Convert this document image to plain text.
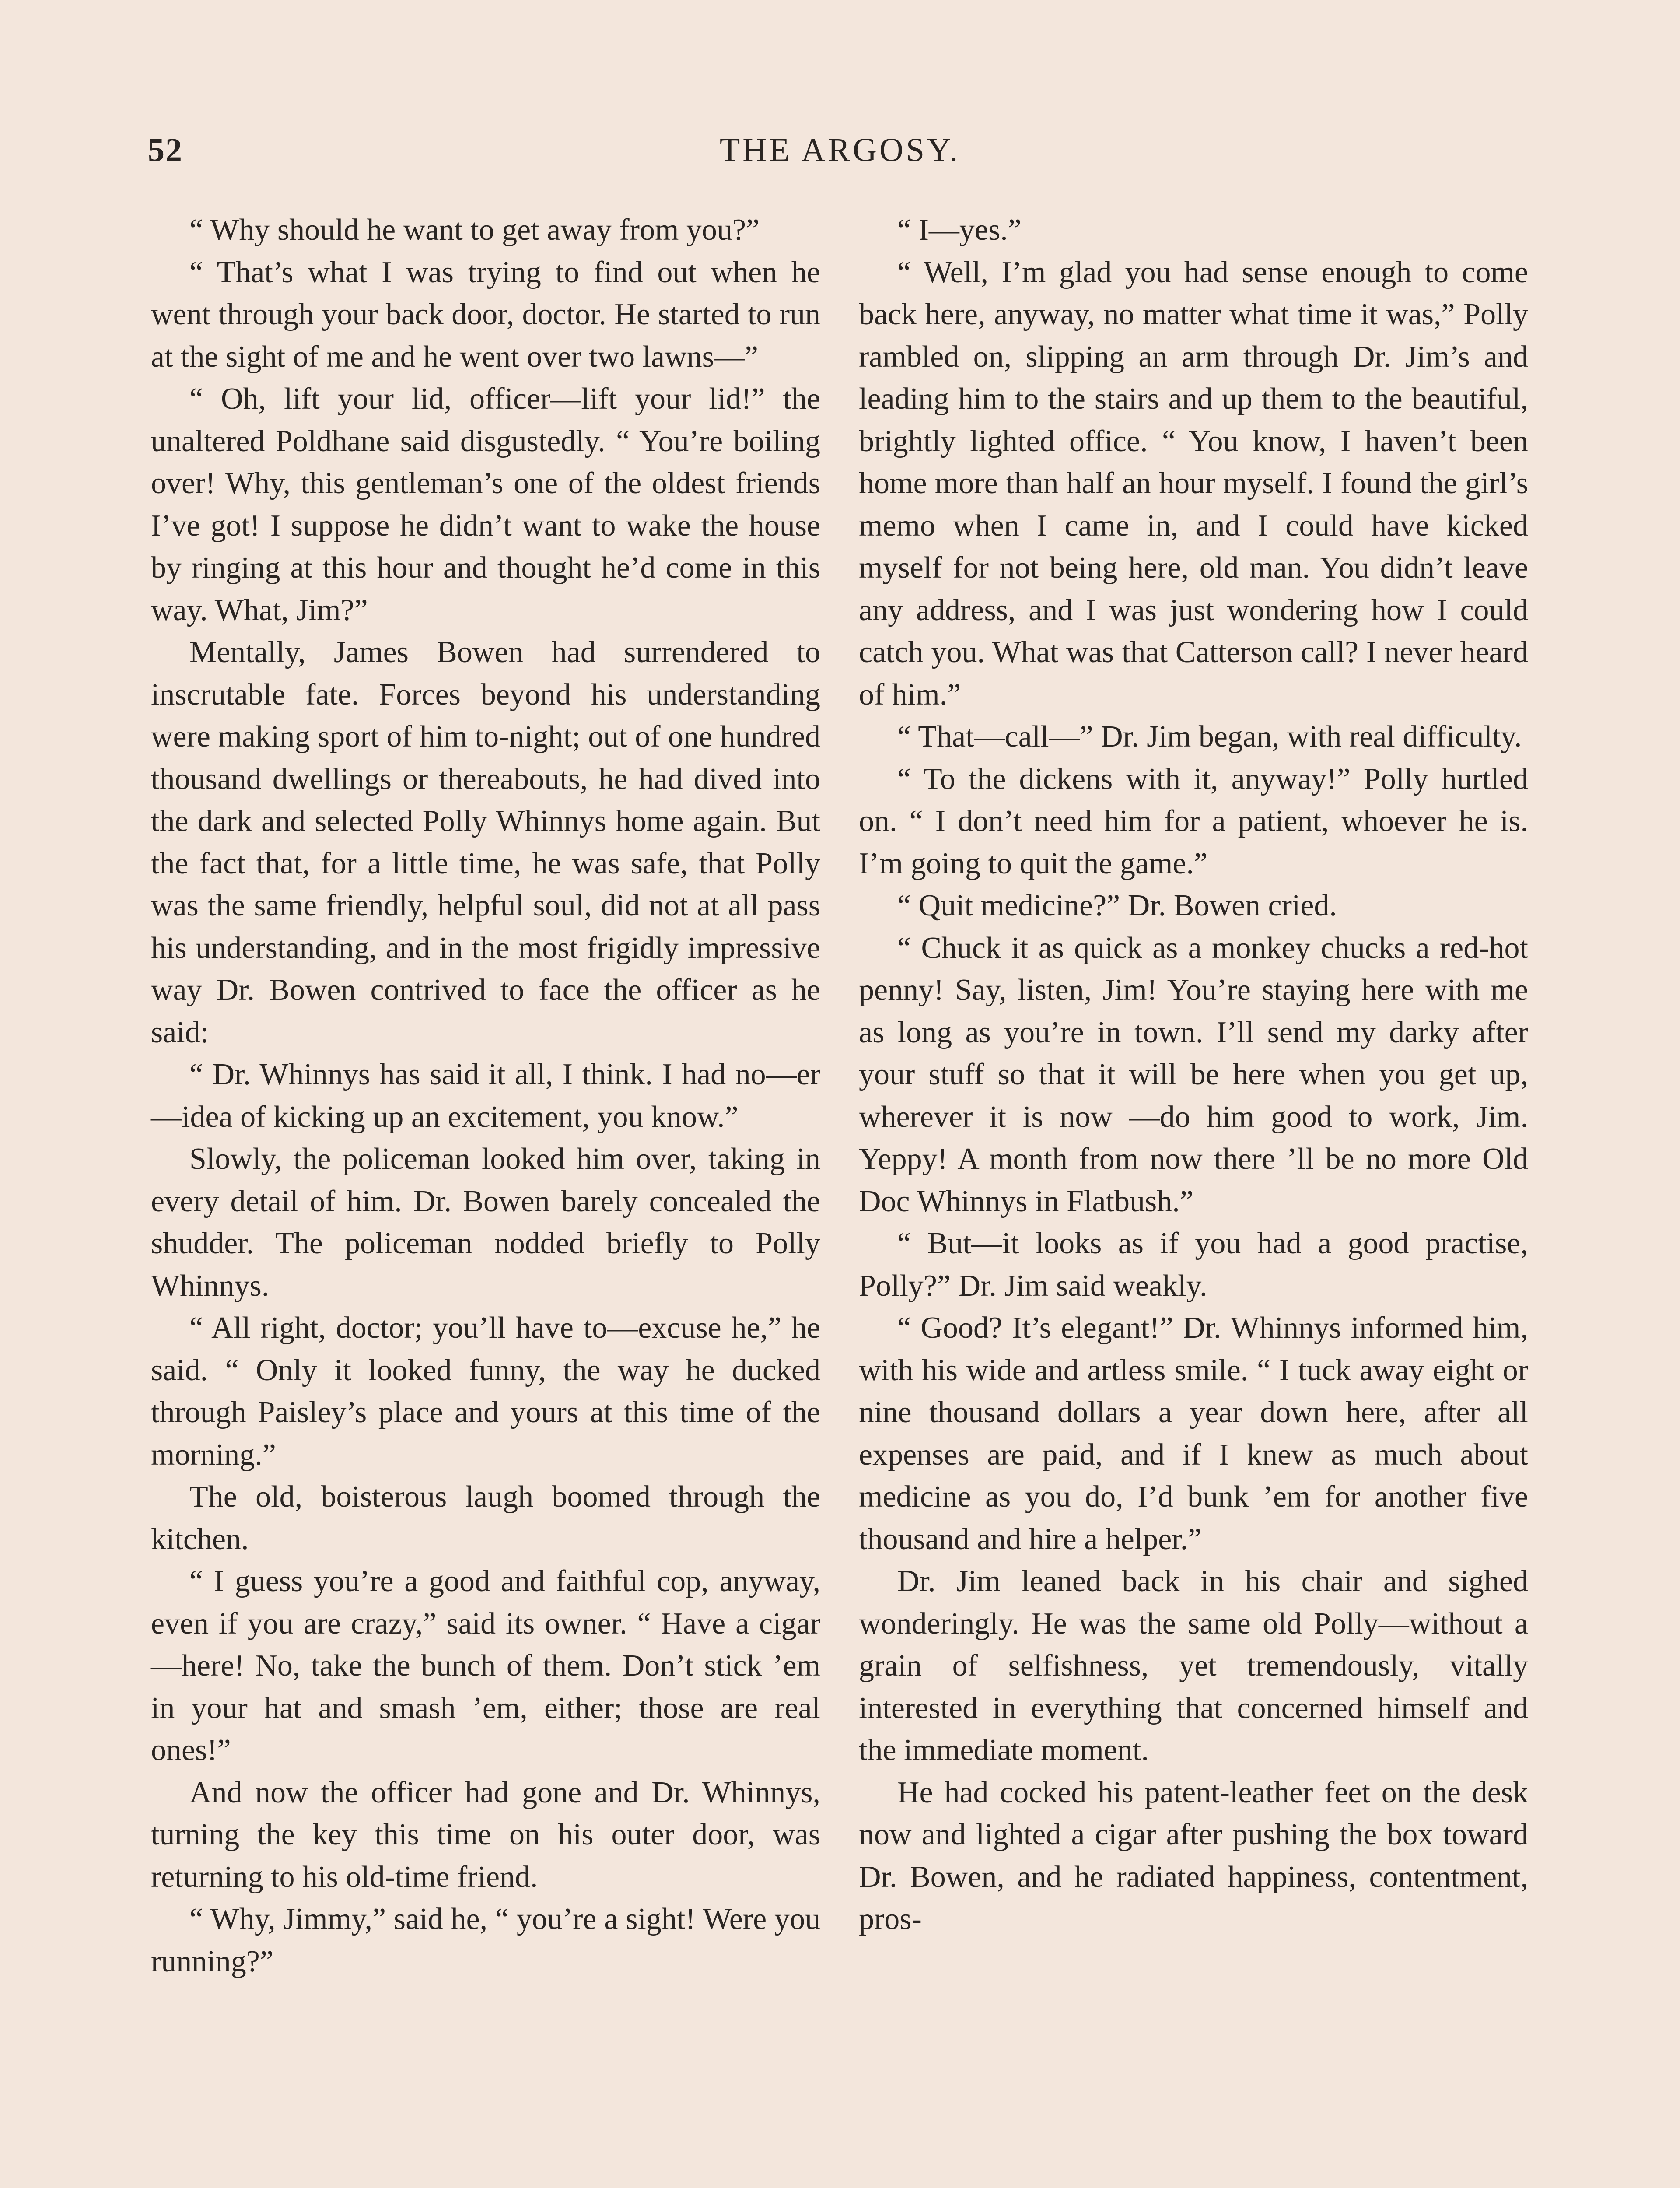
52	THE ARGOSY.

“ Why should he want to get away from you?”

“ That’s what I was trying to find out when he went through your back door, doctor. He started to run at the sight of me and he went over two lawns—”

“ Oh, lift your lid, officer—lift your lid!” the unaltered Poldhane said disgustedly. “ You’re boiling over! Why, this gentleman’s one of the oldest friends I’ve got! I suppose he didn’t want to wake the house by ringing at this hour and thought he’d come in this way. What, Jim?”

Mentally, James Bowen had surrendered to inscrutable fate. Forces beyond his understanding were making sport of him to-night; out of one hundred thousand dwellings or thereabouts, he had dived into the dark and selected Polly Whinnys home again. But the fact that, for a little time, he was safe, that Polly was the same friendly, helpful soul, did not at all pass his understanding, and in the most frigidly impressive way Dr. Bowen contrived to face the officer as he said:

“ Dr. Whinnys has said it all, I think. I had no—er—idea of kicking up an excitement, you know.”

Slowly, the policeman looked him over, taking in every detail of him. Dr. Bowen barely concealed the shudder. The policeman nodded briefly to Polly Whinnys.

“ All right, doctor; you’ll have to—excuse he,” he said. “ Only it looked funny, the way he ducked through Paisley’s place and yours at this time of the morning.”

The old, boisterous laugh boomed through the kitchen.

“ I guess you’re a good and faithful cop, anyway, even if you are crazy,” said its owner. “ Have a cigar—here! No, take the bunch of them. Don’t stick ’em in your hat and smash ’em, either; those are real ones!”

And now the officer had gone and Dr. Whinnys, turning the key this time on his outer door, was returning to his old-time friend.

“ Why, Jimmy,” said he, “ you’re a sight! Were you running?”

“ I—yes.”

“ Well, I’m glad you had sense enough to come back here, anyway, no matter what time it was,” Polly rambled on, slipping an arm through Dr. Jim’s and leading him to the stairs and up them to the beautiful, brightly lighted office. “ You know, I haven’t been home more than half an hour myself. I found the girl’s memo when I came in, and I could have kicked myself for not being here, old man. You didn’t leave any address, and I was just wondering how I could catch you. What was that Catterson call? I never heard of him.”

“ That—call—” Dr. Jim began, with real difficulty.

“ To the dickens with it, anyway!” Polly hurtled on. “ I don’t need him for a patient, whoever he is. I’m going to quit the game.”

“ Quit medicine?” Dr. Bowen cried.

“ Chuck it as quick as a monkey chucks a red-hot penny! Say, listen, Jim! You’re staying here with me as long as you’re in town. I’ll send my darky after your stuff so that it will be here when you get up, wherever it is now —do him good to work, Jim. Yeppy! A month from now there ’ll be no more Old Doc Whinnys in Flatbush.”

“ But—it looks as if you had a good practise, Polly?” Dr. Jim said weakly.

“ Good? It’s elegant!” Dr. Whinnys informed him, with his wide and artless smile. “ I tuck away eight or nine thousand dollars a year down here, after all expenses are paid, and if I knew as much about medicine as you do, I’d bunk ’em for another five thousand and hire a helper.”

Dr. Jim leaned back in his chair and sighed wonderingly. He was the same old Polly—without a grain of selfishness, yet tremendously, vitally interested in everything that concerned himself and the immediate moment.

He had cocked his patent-leather feet on the desk now and lighted a cigar after pushing the box toward Dr. Bowen, and he radiated happiness, contentment, pros-
